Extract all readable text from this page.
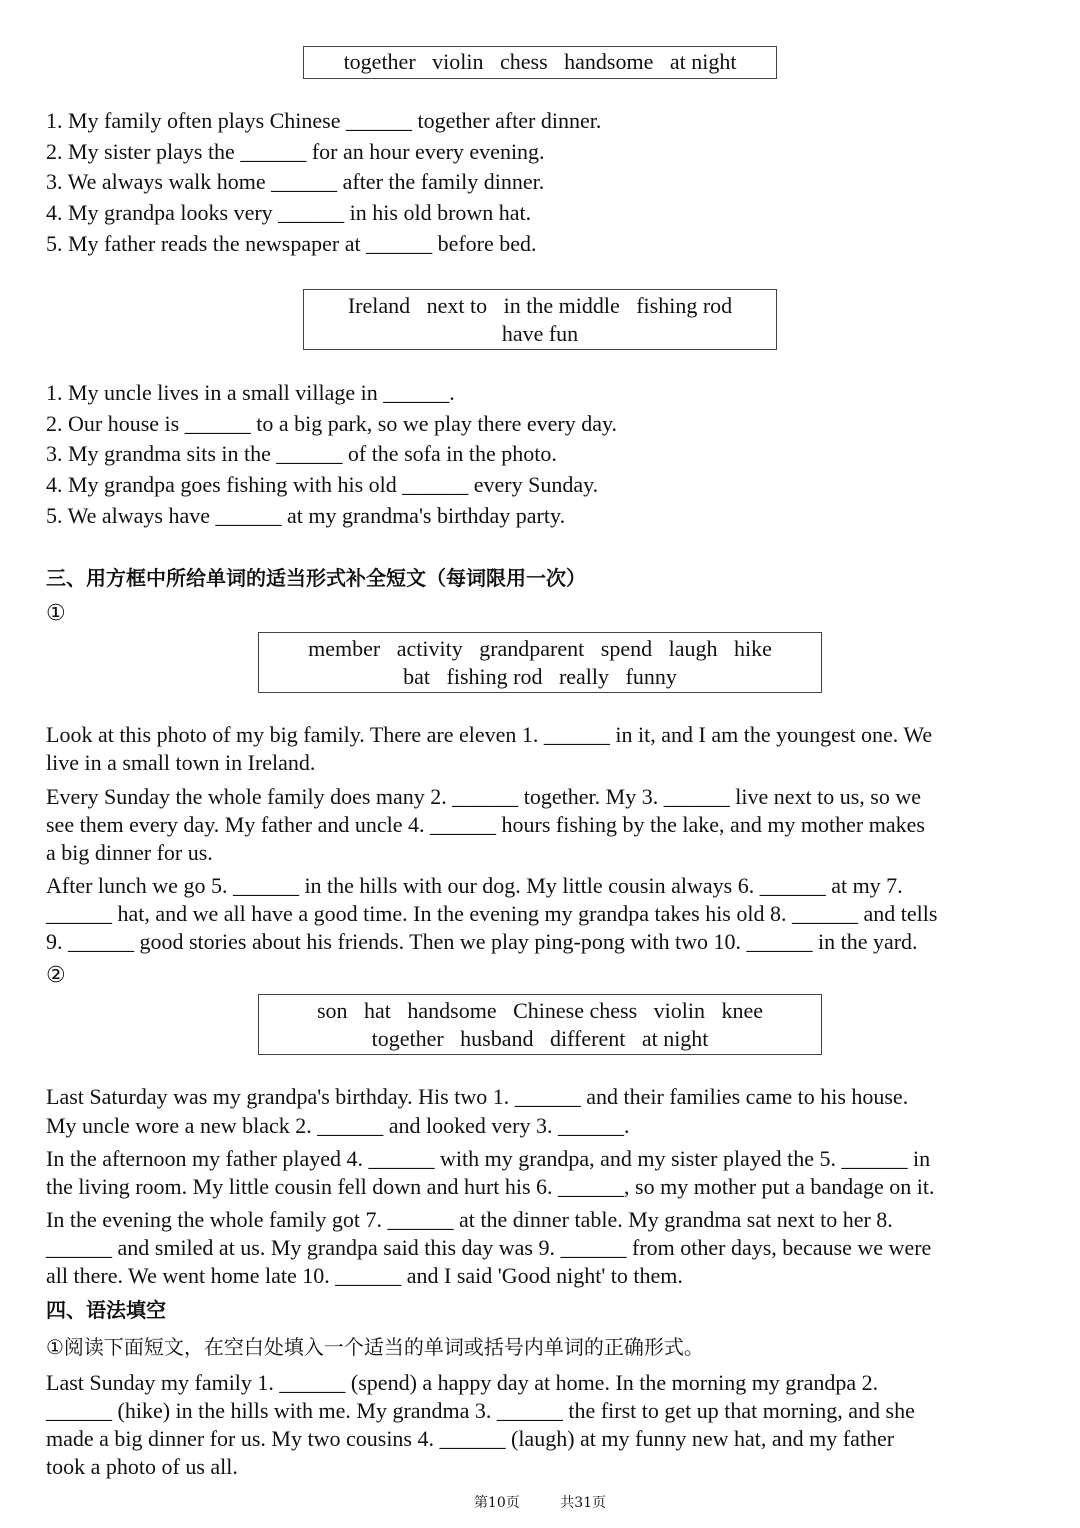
together   violin   chess   handsome   at night
1. My family often plays Chinese ______ together after dinner.
2. My sister plays the ______ for an hour every evening.
3. We always walk home ______ after the family dinner.
4. My grandpa looks very ______ in his old brown hat.
5. My father reads the newspaper at ______ before bed.
Ireland   next to   in the middle   fishing rod
have fun
1. My uncle lives in a small village in ______.
2. Our house is ______ to a big park, so we play there every day.
3. My grandma sits in the ______ of the sofa in the photo.
4. My grandpa goes fishing with his old ______ every Sunday.
5. We always have ______ at my grandma's birthday party.
三、用方框中所给单词的适当形式补全短文（每词限用一次）
①
member   activity   grandparent   spend   laugh   hike
bat   fishing rod   really   funny
Look at this photo of my big family. There are eleven 1. ______ in it, and I am the youngest one. We
live in a small town in Ireland.
Every Sunday the whole family does many 2. ______ together. My 3. ______ live next to us, so we
see them every day. My father and uncle 4. ______ hours fishing by the lake, and my mother makes
a big dinner for us.
After lunch we go 5. ______ in the hills with our dog. My little cousin always 6. ______ at my 7.
______ hat, and we all have a good time. In the evening my grandpa takes his old 8. ______ and tells
9. ______ good stories about his friends. Then we play ping-pong with two 10. ______ in the yard.
②
son   hat   handsome   Chinese chess   violin   knee
together   husband   different   at night
Last Saturday was my grandpa's birthday. His two 1. ______ and their families came to his house.
My uncle wore a new black 2. ______ and looked very 3. ______.
In the afternoon my father played 4. ______ with my grandpa, and my sister played the 5. ______ in
the living room. My little cousin fell down and hurt his 6. ______, so my mother put a bandage on it.
In the evening the whole family got 7. ______ at the dinner table. My grandma sat next to her 8.
______ and smiled at us. My grandpa said this day was 9. ______ from other days, because we were
all there. We went home late 10. ______ and I said 'Good night' to them.
四、语法填空
①阅读下面短文，在空白处填入一个适当的单词或括号内单词的正确形式。
Last Sunday my family 1. ______ (spend) a happy day at home. In the morning my grandpa 2.
______ (hike) in the hills with me. My grandma 3. ______ the first to get up that morning, and she
made a big dinner for us. My two cousins 4. ______ (laugh) at my funny new hat, and my father
took a photo of us all.
第10页	共31页
